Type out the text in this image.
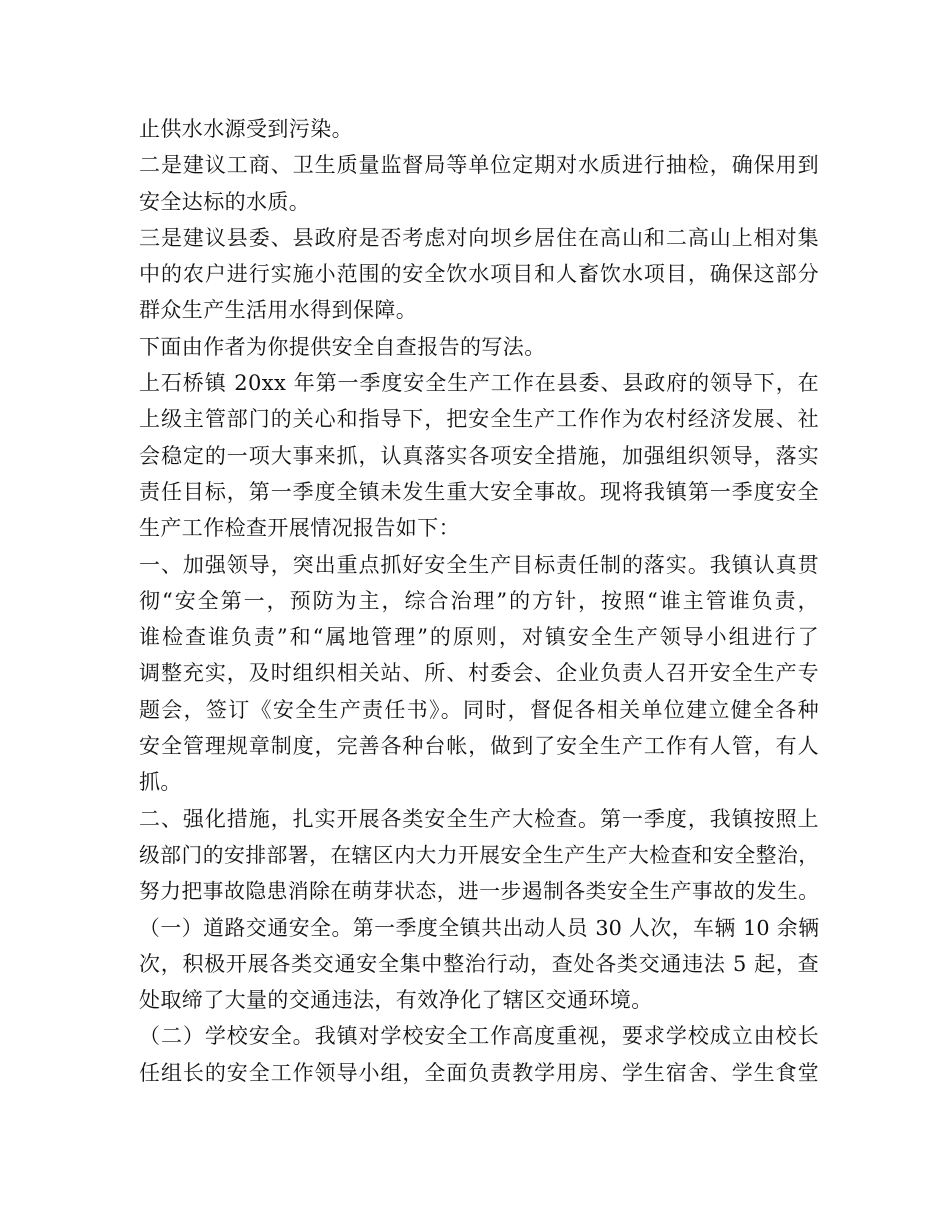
止供水水源受到污染。
二是建议工商、卫生质量监督局等单位定期对水质进行抽检，确保用到
安全达标的水质。
三是建议县委、县政府是否考虑对向坝乡居住在高山和二高山上相对集
中的农户进行实施小范围的安全饮水项目和人畜饮水项目，确保这部分
群众生产生活用水得到保障。
下面由作者为你提供安全自查报告的写法。
上石桥镇 20xx 年第一季度安全生产工作在县委、县政府的领导下，在
上级主管部门的关心和指导下，把安全生产工作作为农村经济发展、社
会稳定的一项大事来抓，认真落实各项安全措施，加强组织领导，落实
责任目标，第一季度全镇未发生重大安全事故。现将我镇第一季度安全
生产工作检查开展情况报告如下：
一、加强领导，突出重点抓好安全生产目标责任制的落实。我镇认真贯
彻“安全第一，预防为主，综合治理”的方针，按照“谁主管谁负责，
谁检查谁负责”和“属地管理”的原则，对镇安全生产领导小组进行了
调整充实，及时组织相关站、所、村委会、企业负责人召开安全生产专
题会，签订《安全生产责任书》。同时，督促各相关单位建立健全各种
安全管理规章制度，完善各种台帐，做到了安全生产工作有人管，有人
抓。
二、强化措施，扎实开展各类安全生产大检查。第一季度，我镇按照上
级部门的安排部署，在辖区内大力开展安全生产生产大检查和安全整治，
努力把事故隐患消除在萌芽状态，进一步遏制各类安全生产事故的发生。
（一）道路交通安全。第一季度全镇共出动人员 30 人次，车辆 10 余辆
次，积极开展各类交通安全集中整治行动，查处各类交通违法 5 起，查
处取缔了大量的交通违法，有效净化了辖区交通环境。
（二）学校安全。我镇对学校安全工作高度重视，要求学校成立由校长
任组长的安全工作领导小组，全面负责教学用房、学生宿舍、学生食堂
